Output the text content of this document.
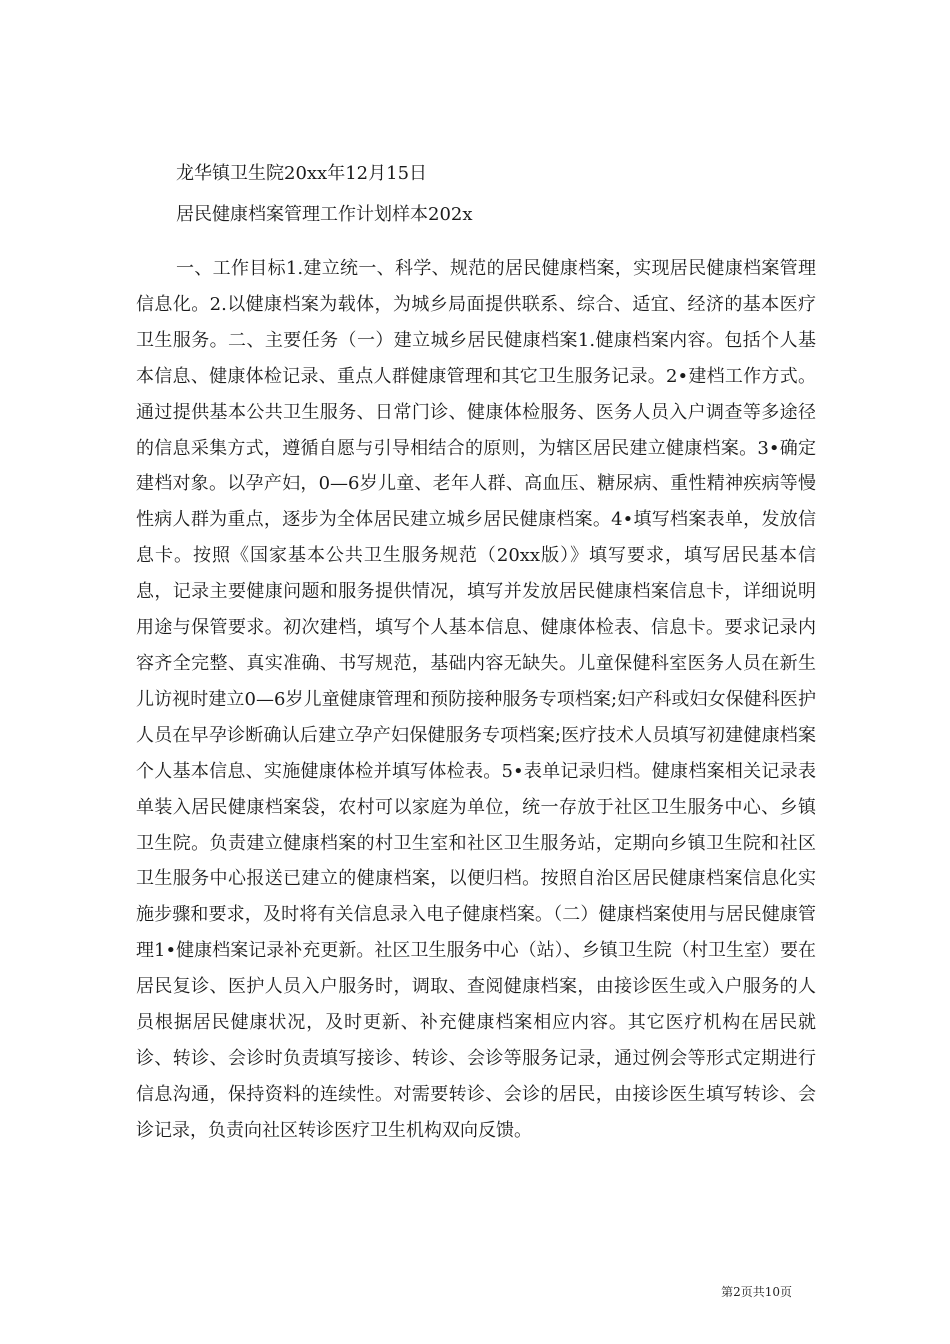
龙华镇卫生院20xx年12月15日
居民健康档案管理工作计划样本202x

一、工作目标1.建立统一、科学、规范的居民健康档案，实现居民健康档案管理信息化。2.以健康档案为载体，为城乡局面提供联系、综合、适宜、经济的基本医疗卫生服务。二、主要任务（一）建立城乡居民健康档案1.健康档案内容。包括个人基本信息、健康体检记录、重点人群健康管理和其它卫生服务记录。2•建档工作方式。通过提供基本公共卫生服务、日常门诊、健康体检服务、医务人员入户调查等多途径的信息采集方式，遵循自愿与引导相结合的原则，为辖区居民建立健康档案。3•确定建档对象。以孕产妇，0—6岁儿童、老年人群、高血压、糖尿病、重性精神疾病等慢性病人群为重点，逐步为全体居民建立城乡居民健康档案。4•填写档案表单，发放信息卡。按照《国家基本公共卫生服务规范（20xx版）》填写要求，填写居民基本信息，记录主要健康问题和服务提供情况，填写并发放居民健康档案信息卡，详细说明用途与保管要求。初次建档，填写个人基本信息、健康体检表、信息卡。要求记录内容齐全完整、真实准确、书写规范，基础内容无缺失。儿童保健科室医务人员在新生儿访视时建立0—6岁儿童健康管理和预防接种服务专项档案;妇产科或妇女保健科医护人员在早孕诊断确认后建立孕产妇保健服务专项档案;医疗技术人员填写初建健康档案个人基本信息、实施健康体检并填写体检表。5•表单记录归档。健康档案相关记录表单装入居民健康档案袋，农村可以家庭为单位，统一存放于社区卫生服务中心、乡镇卫生院。负责建立健康档案的村卫生室和社区卫生服务站，定期向乡镇卫生院和社区卫生服务中心报送已建立的健康档案，以便归档。按照自治区居民健康档案信息化实施步骤和要求，及时将有关信息录入电子健康档案。（二）健康档案使用与居民健康管理1•健康档案记录补充更新。社区卫生服务中心（站）、乡镇卫生院（村卫生室）要在居民复诊、医护人员入户服务时，调取、查阅健康档案，由接诊医生或入户服务的人员根据居民健康状况，及时更新、补充健康档案相应内容。其它医疗机构在居民就诊、转诊、会诊时负责填写接诊、转诊、会诊等服务记录，通过例会等形式定期进行信息沟通，保持资料的连续性。对需要转诊、会诊的居民，由接诊医生填写转诊、会诊记录，负责向社区转诊医疗卫生机构双向反馈。

第2页共10页
